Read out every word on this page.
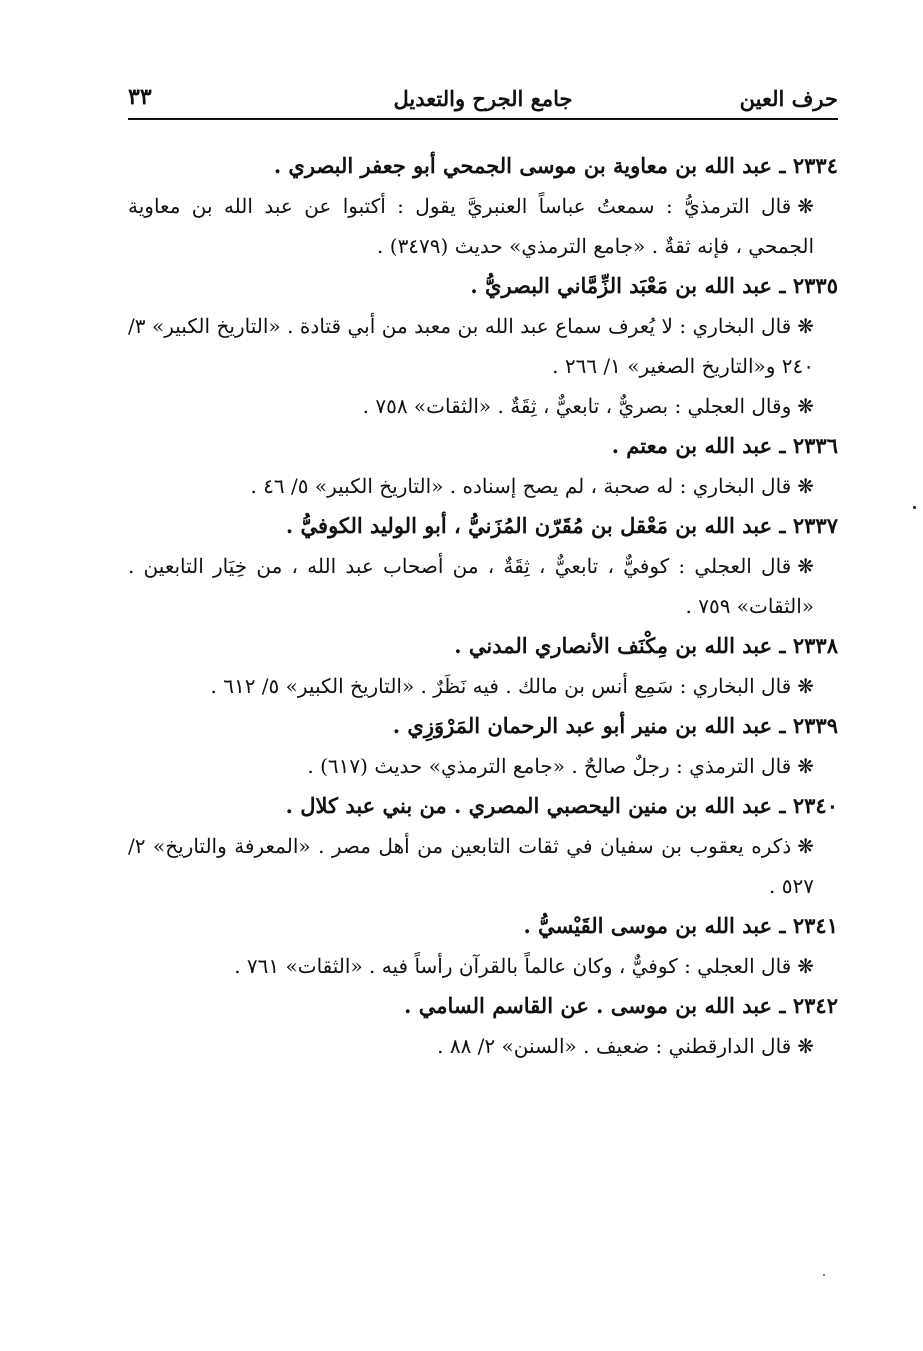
حرف العين
جامع الجرح والتعديل
٣٣

٢٣٣٤ ـ عبد الله بن معاوية بن موسى الجمحي أبو جعفر البصري .

❋قال الترمذيُّ : سمعتُ عباساً العنبريَّ يقول : أكتبوا عن عبد الله بن معاوية الجمحي ، فإنه ثقةٌ . «جامع الترمذي» حديث (٣٤٧٩) .

٢٣٣٥ ـ عبد الله بن مَعْبَد الزِّمَّاني البصريُّ .

❋قال البخاري : لا يُعرف سماع عبد الله بن معبد من أبي قتادة . «التاريخ الكبير» ٣/ ٢٤٠ و«التاريخ الصغير» ١/ ٢٦٦ .

❋وقال العجلي : بصريٌّ ، تابعيٌّ ، ثِقَةٌ . «الثقات» ٧٥٨ .

٢٣٣٦ ـ عبد الله بن معتم .

❋قال البخاري : له صحبة ، لم يصح إسناده . «التاريخ الكبير» ٥/ ٤٦ .

٢٣٣٧ ـ عبد الله بن مَعْقل بن مُقَرّن المُزَنيُّ ، أبو الوليد الكوفيُّ .

❋قال العجلي : كوفيٌّ ، تابعيٌّ ، ثِقَةٌ ، من أصحاب عبد الله ، من خِيَار التابعين . «الثقات» ٧٥٩ .

٢٣٣٨ ـ عبد الله بن مِكْنَف الأنصاري المدني .

❋قال البخاري : سَمِع أنس بن مالك . فيه نَظَرٌ . «التاريخ الكبير» ٥/ ٦١٢ .

٢٣٣٩ ـ عبد الله بن منير أبو عبد الرحمان المَرْوَزِي .

❋قال الترمذي : رجلٌ صالحٌ . «جامع الترمذي» حديث (٦١٧) .

٢٣٤٠ ـ عبد الله بن منين اليحصبي المصري . من بني عبد كلال .

❋ذكره يعقوب بن سفيان في ثقات التابعين من أهل مصر . «المعرفة والتاريخ» ٢/ ٥٢٧ .

٢٣٤١ ـ عبد الله بن موسى القَيْسيُّ .

❋قال العجلي : كوفيٌّ ، وكان عالماً بالقرآن رأساً فيه . «الثقات» ٧٦١ .

٢٣٤٢ ـ عبد الله بن موسى . عن القاسم السامي .

❋قال الدارقطني : ضعيف . «السنن» ٢/ ٨٨ .
